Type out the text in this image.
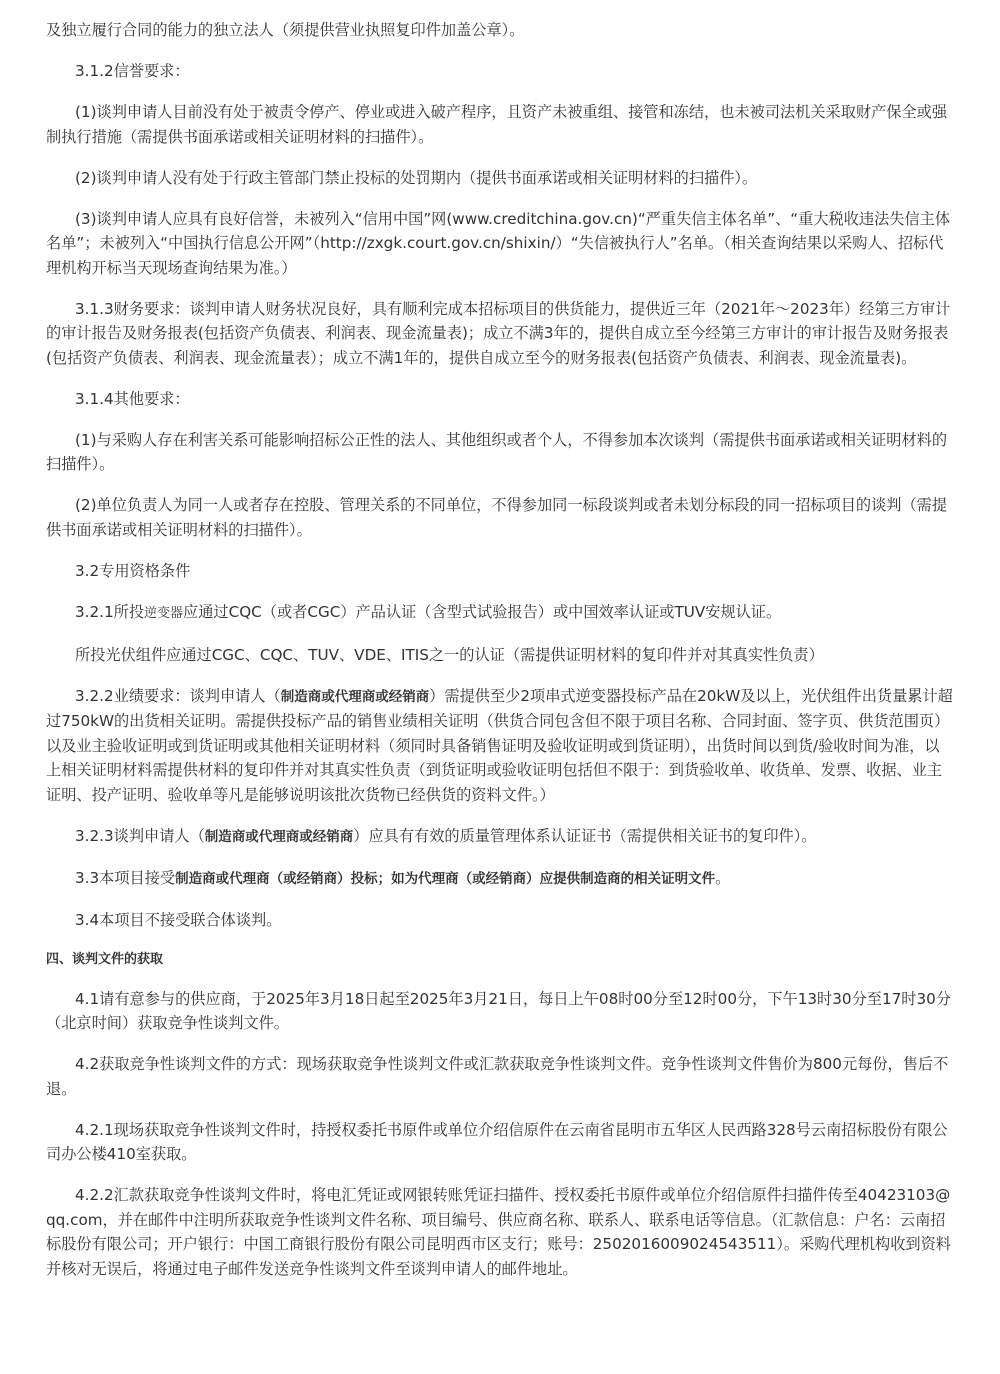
及独立履行合同的能力的独立法人（须提供营业执照复印件加盖公章）。

3.1.2信誉要求：

(1)谈判申请人目前没有处于被责令停产、停业或进入破产程序，且资产未被重组、接管和冻结，也未被司法机关采取财产保全或强制执行措施（需提供书面承诺或相关证明材料的扫描件）。

(2)谈判申请人没有处于行政主管部门禁止投标的处罚期内（提供书面承诺或相关证明材料的扫描件）。

(3)谈判申请人应具有良好信誉，未被列入“信用中国”网(www.creditchina.gov.cn)“严重失信主体名单”、“重大税收违法失信主体名单”；未被列入“中国执行信息公开网”（http://zxgk.court.gov.cn/shixin/）“失信被执行人”名单。（相关查询结果以采购人、招标代理机构开标当天现场查询结果为准。）

3.1.3财务要求：谈判申请人财务状况良好，具有顺利完成本招标项目的供货能力，提供近三年（2021年～2023年）经第三方审计的审计报告及财务报表(包括资产负债表、利润表、现金流量表)；成立不满3年的，提供自成立至今经第三方审计的审计报告及财务报表(包括资产负债表、利润表、现金流量表）；成立不满1年的，提供自成立至今的财务报表(包括资产负债表、利润表、现金流量表)。

3.1.4其他要求：

(1)与采购人存在利害关系可能影响招标公正性的法人、其他组织或者个人，不得参加本次谈判（需提供书面承诺或相关证明材料的扫描件）。

(2)单位负责人为同一人或者存在控股、管理关系的不同单位，不得参加同一标段谈判或者未划分标段的同一招标项目的谈判（需提供书面承诺或相关证明材料的扫描件）。

3.2专用资格条件

3.2.1所投逆变器应通过CQC（或者CGC）产品认证（含型式试验报告）或中国效率认证或TUV安规认证。

所投光伏组件应通过CGC、CQC、TUV、VDE、ITIS之一的认证（需提供证明材料的复印件并对其真实性负责）

3.2.2业绩要求：谈判申请人（制造商或代理商或经销商）需提供至少2项串式逆变器投标产品在20kW及以上，光伏组件出货量累计超过750kW的出货相关证明。需提供投标产品的销售业绩相关证明（供货合同包含但不限于项目名称、合同封面、签字页、供货范围页）以及业主验收证明或到货证明或其他相关证明材料（须同时具备销售证明及验收证明或到货证明），出货时间以到货/验收时间为准，以上相关证明材料需提供材料的复印件并对其真实性负责（到货证明或验收证明包括但不限于：到货验收单、收货单、发票、收据、业主证明、投产证明、验收单等凡是能够说明该批次货物已经供货的资料文件。）

3.2.3谈判申请人（制造商或代理商或经销商）应具有有效的质量管理体系认证证书（需提供相关证书的复印件）。

3.3本项目接受制造商或代理商（或经销商）投标；如为代理商（或经销商）应提供制造商的相关证明文件。

3.4本项目不接受联合体谈判。

四、谈判文件的获取

4.1请有意参与的供应商，于2025年3月18日起至2025年3月21日，每日上午08时00分至12时00分，下午13时30分至17时30分（北京时间）获取竞争性谈判文件。

4.2获取竞争性谈判文件的方式：现场获取竞争性谈判文件或汇款获取竞争性谈判文件。竞争性谈判文件售价为800元每份，售后不退。

4.2.1现场获取竞争性谈判文件时，持授权委托书原件或单位介绍信原件在云南省昆明市五华区人民西路328号云南招标股份有限公司办公楼410室获取。

4.2.2汇款获取竞争性谈判文件时，将电汇凭证或网银转账凭证扫描件、授权委托书原件或单位介绍信原件扫描件传至40423103@qq.com，并在邮件中注明所获取竞争性谈判文件名称、项目编号、供应商名称、联系人、联系电话等信息。（汇款信息：户名：云南招标股份有限公司；开户银行：中国工商银行股份有限公司昆明西市区支行；账号：2502016009024543511）。采购代理机构收到资料并核对无误后，将通过电子邮件发送竞争性谈判文件至谈判申请人的邮件地址。
